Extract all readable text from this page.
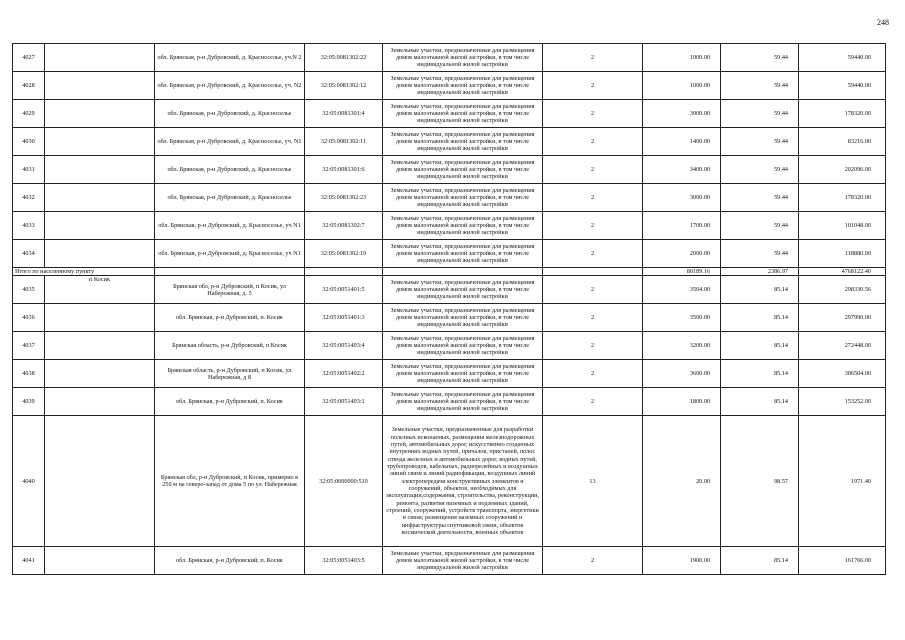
248
4027		обл. Брянская, р-н Дубровский, д. Красноселье, уч.N 2	32:05:0081302:22	Земельные участки, предназначенные для размещения домов малоэтажной жилой застройки, в том числе индивидуальной жилой застройки	2	1000.00	59.44	59440.00
4028		обл. Брянская, р-н Дубровский, д. Красноселье, уч. N2	32:05:0081302:12	Земельные участки, предназначенные для размещения домов малоэтажной жилой застройки, в том числе индивидуальной жилой застройки	2	1000.00	59.44	59440.00
4029		обл. Брянская, р-н Дубровский, д. Красноселье	32:05:0081301:4	Земельные участки, предназначенные для размещения домов малоэтажной жилой застройки, в том числе индивидуальной жилой застройки	2	3000.00	59.44	178320.00
4030		обл. Брянская, р-н Дубровский, д. Красноселье, уч. N1	32:05:0081302:11	Земельные участки, предназначенные для размещения домов малоэтажной жилой застройки, в том числе индивидуальной жилой застройки	2	1400.00	59.44	83216.00
4031		обл. Брянская, р-н Дубровский, д. Красноселье	32:05:0081301:6	Земельные участки, предназначенные для размещения домов малоэтажной жилой застройки, в том числе индивидуальной жилой застройки	2	3400.00	59.44	202096.00
4032		обл. Брянская, р-н Дубровский, д. Красноселье	32:05:0081302:23	Земельные участки, предназначенные для размещения домов малоэтажной жилой застройки, в том числе индивидуальной жилой застройки	2	3000.00	59.44	178320.00
4033		обл. Брянская, р-н Дубровский, д. Красноселье, уч N1	32:05:0081302:7	Земельные участки, предназначенные для размещения домов малоэтажной жилой застройки, в том числе индивидуальной жилой застройки	2	1700.00	59.44	101048.00
4034		обл. Брянская, р-н Дубровский, д. Красноселье, уч N1	32:05:0081302:19	Земельные участки, предназначенные для размещения домов малоэтажной жилой застройки, в том числе индивидуальной жилой застройки	2	2000.00	59.44	118880.00
Итого по населенному пункту						80189.16	2386.97	4768122.40
4035	п Косик	Брянская обл, р-н Дубровский, п Косик, ул Набережная, д. 5	32:05:0051401:5	Земельные участки, предназначенные для размещения домов малоэтажной жилой застройки, в том числе индивидуальной жилой застройки	2	3504.00	85.14	298330.56
4036		обл. Брянская, р-н Дубровский, п. Косик	32:05:0051401:3	Земельные участки, предназначенные для размещения домов малоэтажной жилой застройки, в том числе индивидуальной жилой застройки	2	3500.00	85.14	297990.00
4037		Брянская область, р-н Дубровский, п Косик	32:05:0051403:4	Земельные участки, предназначенные для размещения домов малоэтажной жилой застройки, в том числе индивидуальной жилой застройки	2	3200.00	85.14	272448.00
4038		Брянская область, р-н Дубровский, п Косик, ул Набережная, д 8	32:05:0051402:2	Земельные участки, предназначенные для размещения домов малоэтажной жилой застройки, в том числе индивидуальной жилой застройки	2	3600.00	85.14	306504.00
4039		обл. Брянская, р-н Дубровский, п. Косик	32:05:0051403:1	Земельные участки, предназначенные для размещения домов малоэтажной жилой застройки, в том числе индивидуальной жилой застройки	2	1800.00	85.14	153252.00
4040		Брянская обл, р-н Дубровский, п Косик, примерно в 250 м на северо-запад от дома 5 по ул. Набережная	32:05:0000000:510	Земельные участки, предназначенные для разработки полезных ископаемых, размещения железнодорожных путей, автомобильных дорог, искусственно созданных внутренних водных путей, причалов, пристаней, полос отвода железных и автомобильных дорог, водных путей, трубопроводов, кабельных, радиорелейных и воздушных линий связи и линий радиофикации, воздушных линий электропередачи конструктивных элементов и сооружений, объектов, необходимых для эксплуатации,содержания, строительства, реконструкции, ремонта, развития наземных и подземных зданий, строений, сооружений, устройств транспорта, энергетики и связи; размещения наземных сооружений и инфраструктуры спутниковой связи, объектов космической деятельности, военных объектов	13	20.00	98.57	1971.40
4041		обл. Брянская, р-н Дубровский, п. Косик	32:05:0051403:5	Земельные участки, предназначенные для размещения домов малоэтажной жилой застройки, в том числе индивидуальной жилой застройки	2	1900.00	85.14	161766.00
